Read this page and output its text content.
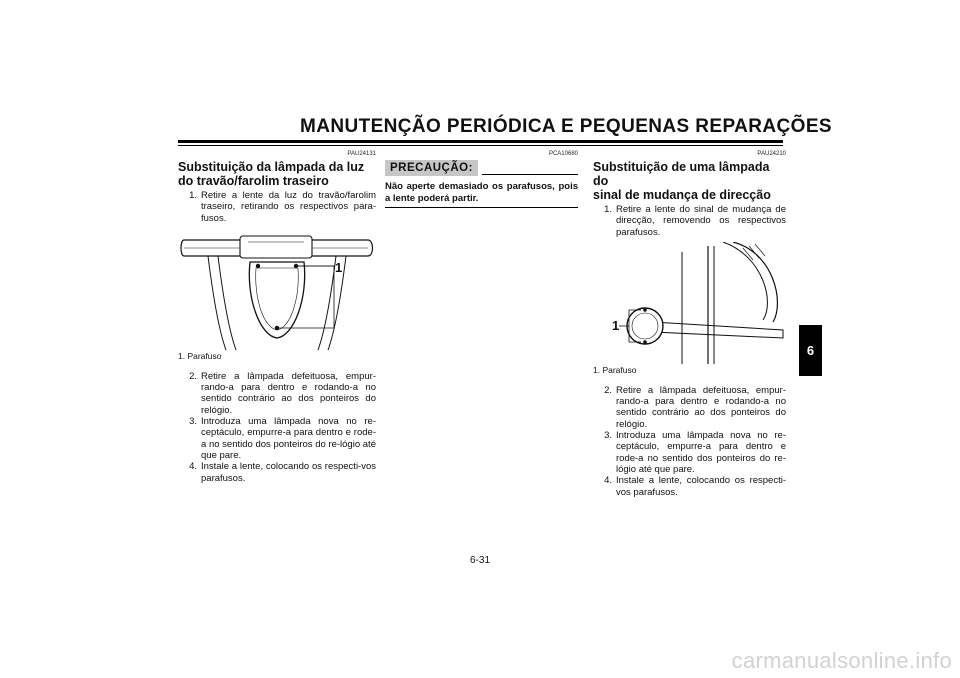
MANUTENÇÃO PERIÓDICA E PEQUENAS REPARAÇÕES
PAU24131
Substituição da lâmpada da luz
do travão/farolim traseiro
1. Retire a lente da luz do travão/farolim traseiro, retirando os respectivos para-fusos.
1
1. Parafuso
2. Retire a lâmpada defeituosa, empur-rando-a para dentro e rodando-a no sentido contrário ao dos ponteiros do relógio.
3. Introduza uma lâmpada nova no re-ceptáculo, empurre-a para dentro e rode-a no sentido dos ponteiros do re-lógio até que pare.
4. Instale a lente, colocando os respecti-vos parafusos.
PCA10680
PRECAUÇÃO:
Não aperte demasiado os parafusos, pois a lente poderá partir.
PAU24210
Substituição de uma lâmpada do
sinal de mudança de direcção
1. Retire a lente do sinal de mudança de direcção, removendo os respectivos parafusos.
1
1. Parafuso
2. Retire a lâmpada defeituosa, empur-rando-a para dentro e rodando-a no sentido contrário ao dos ponteiros do relógio.
3. Introduza uma lâmpada nova no re-ceptáculo, empurre-a para dentro e rode-a no sentido dos ponteiros do re-lógio até que pare.
4. Instale a lente, colocando os respecti-vos parafusos.
6
6-31
carmanualsonline.info
